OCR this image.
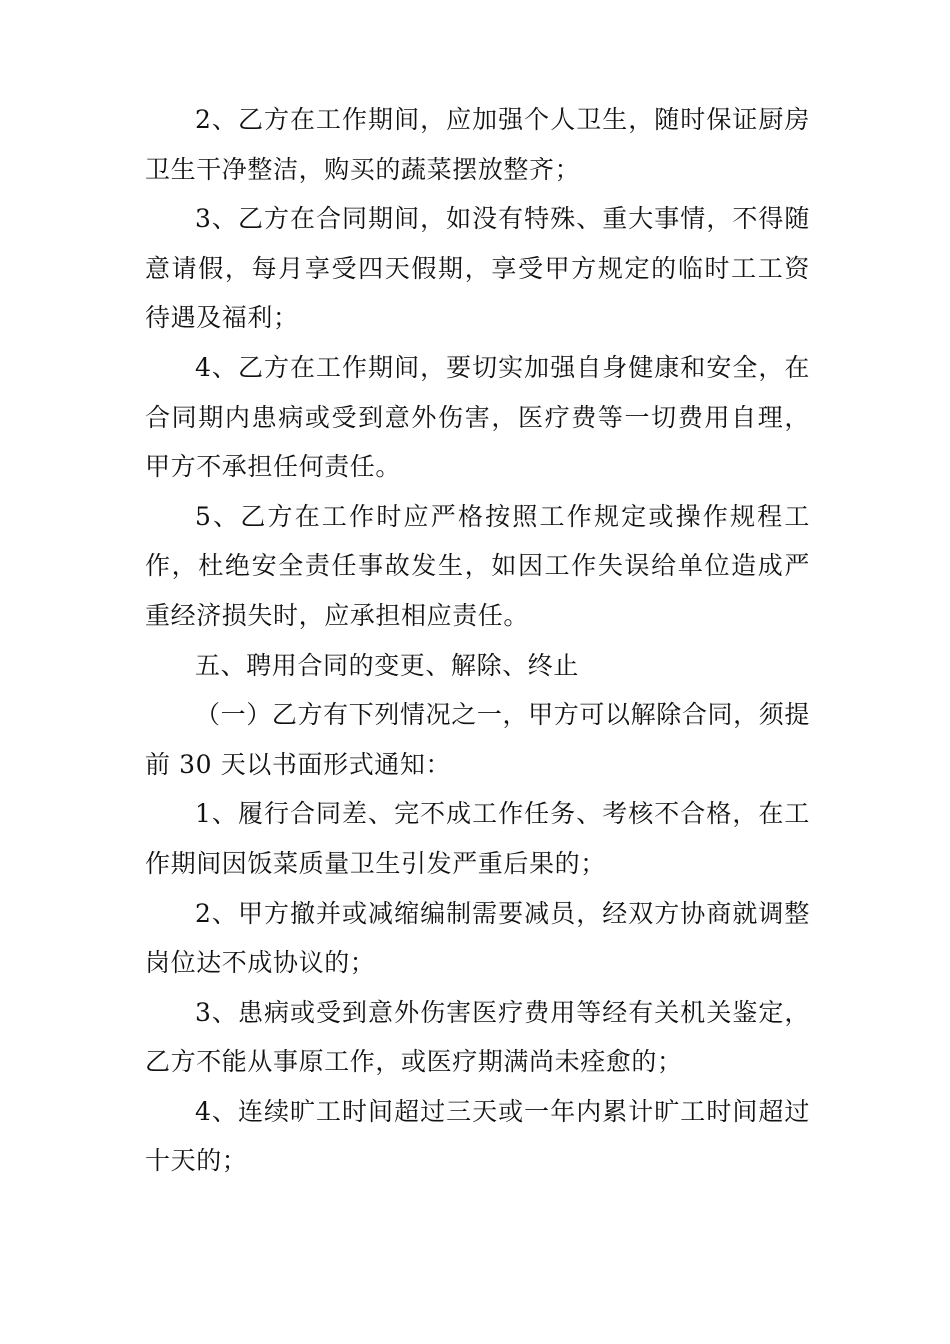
2、乙方在工作期间，应加强个人卫生，随时保证厨房卫生干净整洁，购买的蔬菜摆放整齐；

3、乙方在合同期间，如没有特殊、重大事情，不得随意请假，每月享受四天假期，享受甲方规定的临时工工资待遇及福利；

4、乙方在工作期间，要切实加强自身健康和安全，在合同期内患病或受到意外伤害，医疗费等一切费用自理，甲方不承担任何责任。

5、乙方在工作时应严格按照工作规定或操作规程工作，杜绝安全责任事故发生，如因工作失误给单位造成严重经济损失时，应承担相应责任。

五、聘用合同的变更、解除、终止

（一）乙方有下列情况之一，甲方可以解除合同，须提前 30 天以书面形式通知：

1、履行合同差、完不成工作任务、考核不合格，在工作期间因饭菜质量卫生引发严重后果的；

2、甲方撤并或减缩编制需要减员，经双方协商就调整岗位达不成协议的；

3、患病或受到意外伤害医疗费用等经有关机关鉴定，乙方不能从事原工作，或医疗期满尚未痊愈的；

4、连续旷工时间超过三天或一年内累计旷工时间超过十天的；
